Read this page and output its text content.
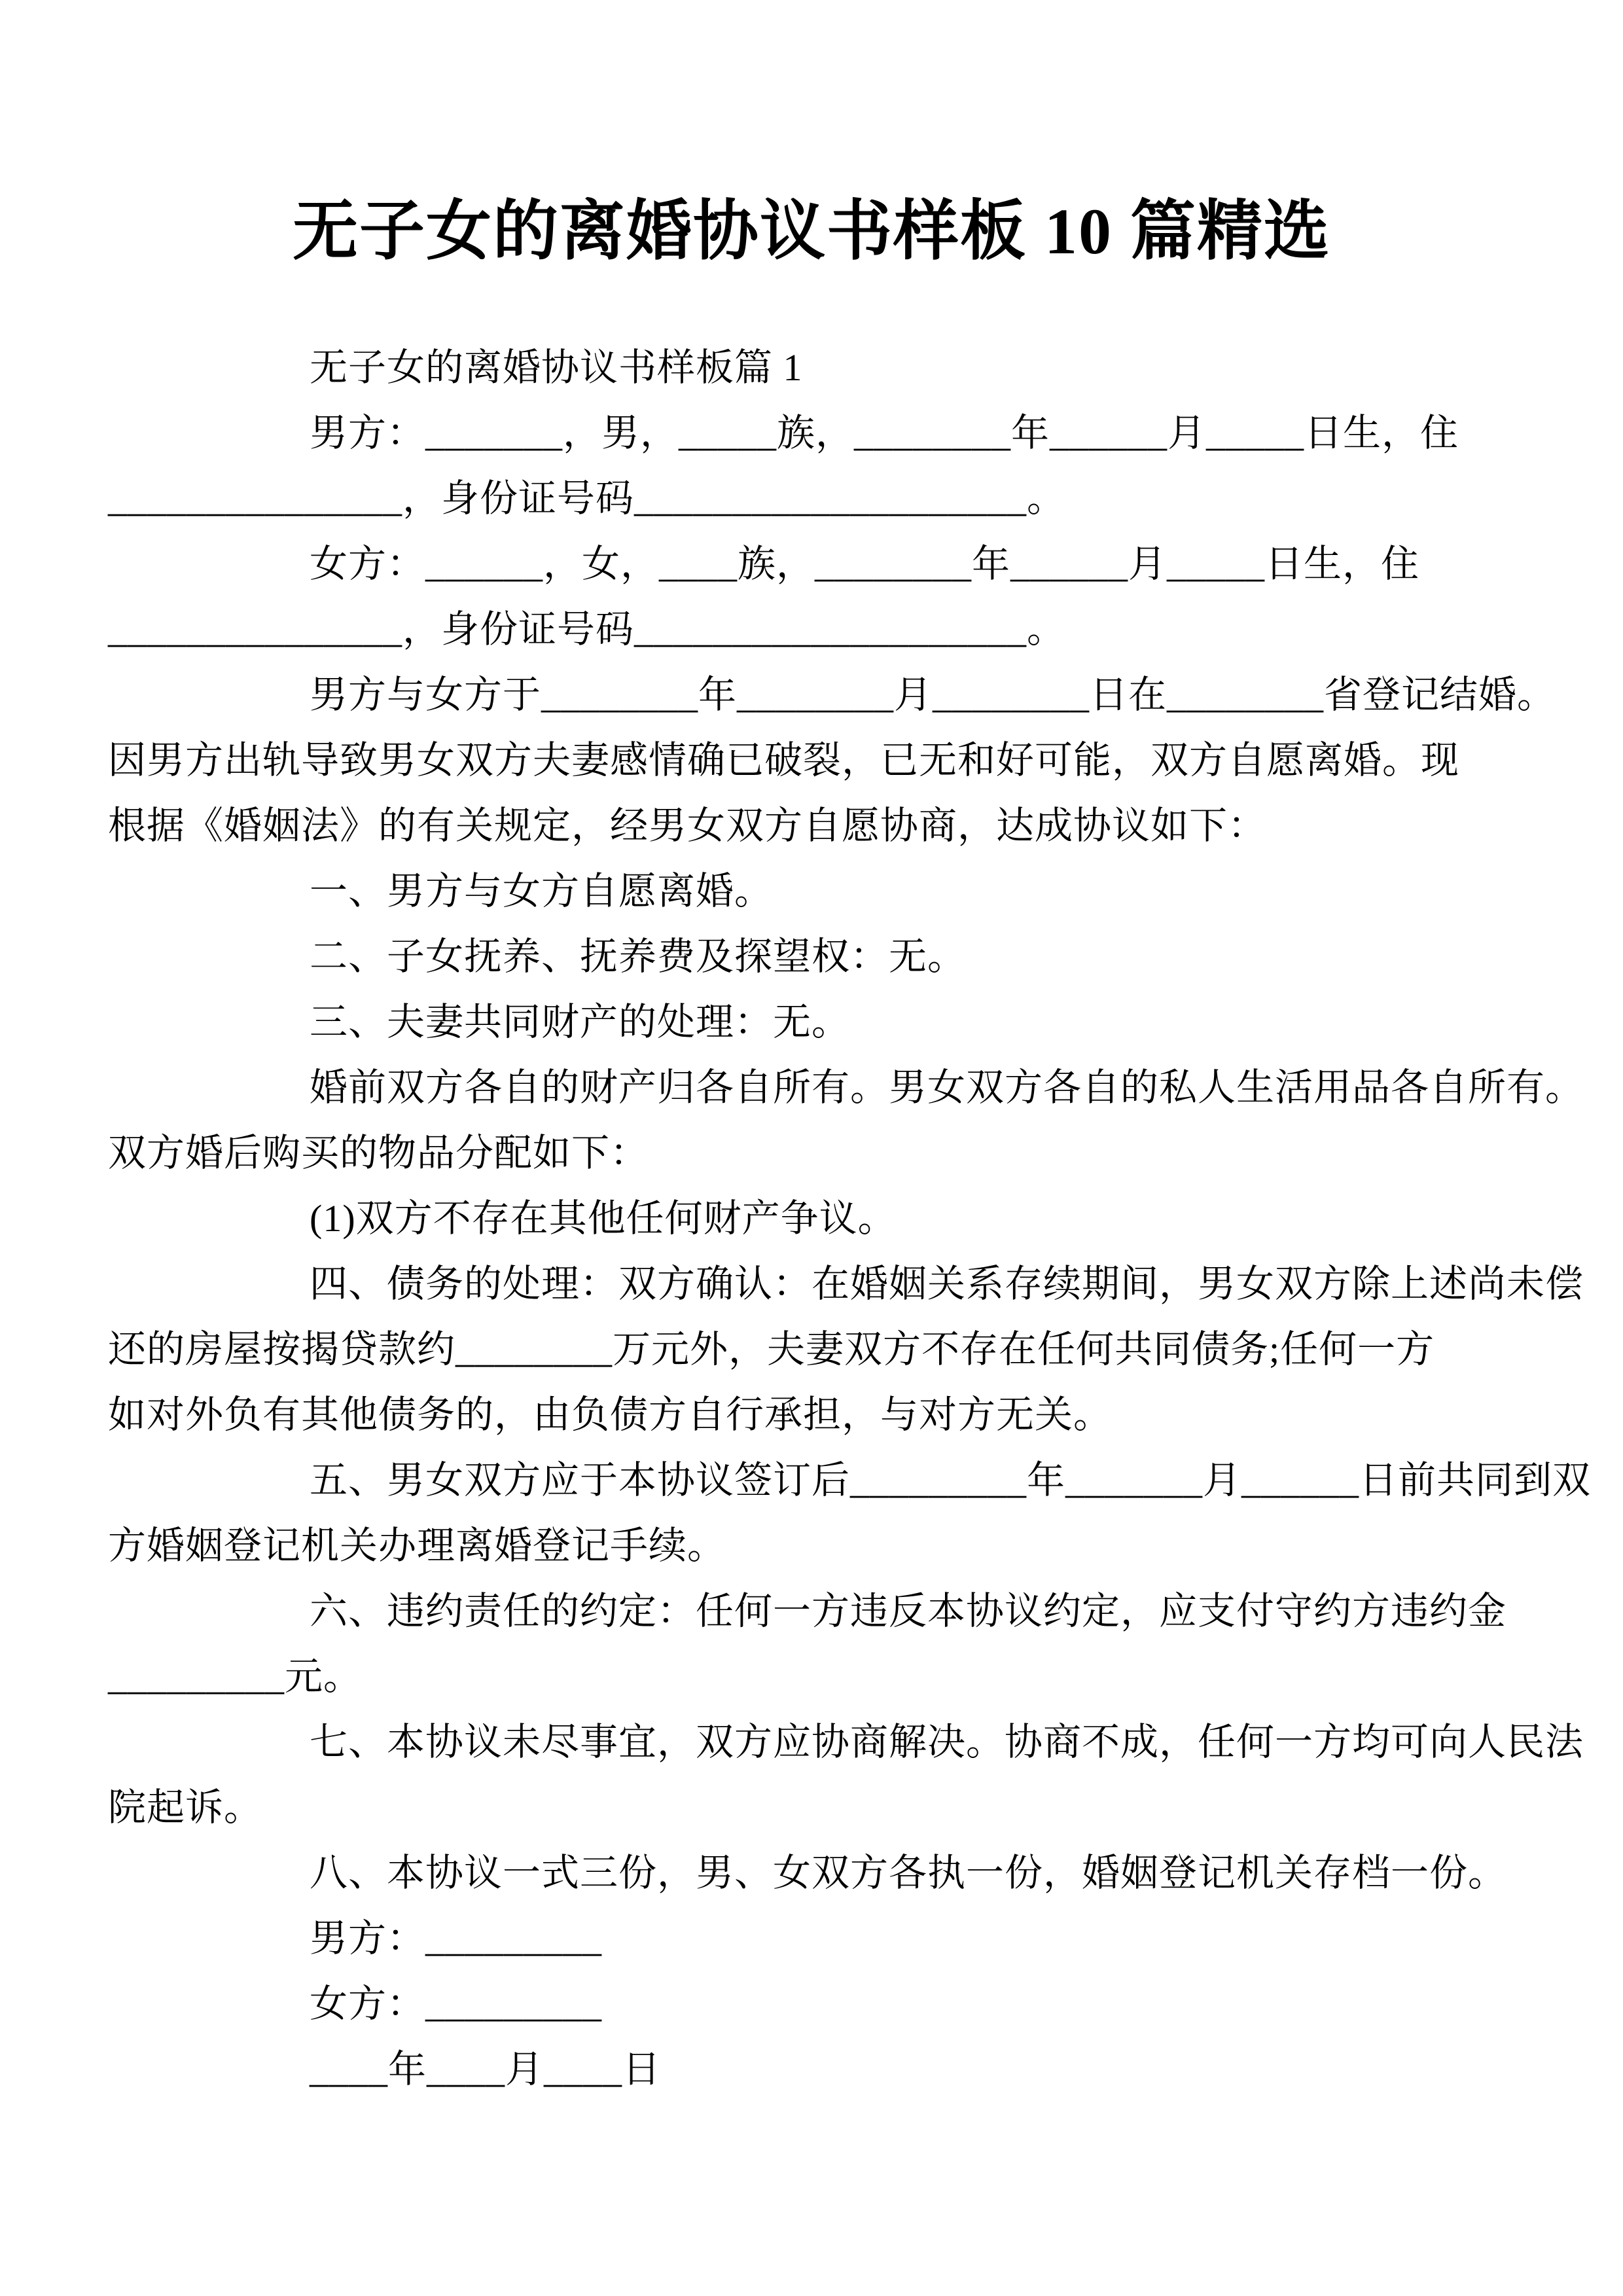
无子女的离婚协议书样板 10 篇精选
无子女的离婚协议书样板篇 1
男方：_______，男，_____族，________年______月_____日生，住
_______________，身份证号码____________________。
女方：______，女，____族，________年______月_____日生，住
_______________，身份证号码____________________。
男方与女方于________年________月________日在________省登记结婚。
因男方出轨导致男女双方夫妻感情确已破裂，已无和好可能，双方自愿离婚。现
根据《婚姻法》的有关规定，经男女双方自愿协商，达成协议如下：
一、男方与女方自愿离婚。
二、子女抚养、抚养费及探望权：无。
三、夫妻共同财产的处理：无。
婚前双方各自的财产归各自所有。男女双方各自的私人生活用品各自所有。
双方婚后购买的物品分配如下：
(1)双方不存在其他任何财产争议。
四、债务的处理：双方确认：在婚姻关系存续期间，男女双方除上述尚未偿
还的房屋按揭贷款约________万元外，夫妻双方不存在任何共同债务;任何一方
如对外负有其他债务的，由负债方自行承担，与对方无关。
五、男女双方应于本协议签订后_________年_______月______日前共同到双
方婚姻登记机关办理离婚登记手续。
六、违约责任的约定：任何一方违反本协议约定，应支付守约方违约金
_________元。
七、本协议未尽事宜，双方应协商解决。协商不成，任何一方均可向人民法
院起诉。
八、本协议一式三份，男、女双方各执一份，婚姻登记机关存档一份。
男方：_________
女方：_________
____年____月____日
